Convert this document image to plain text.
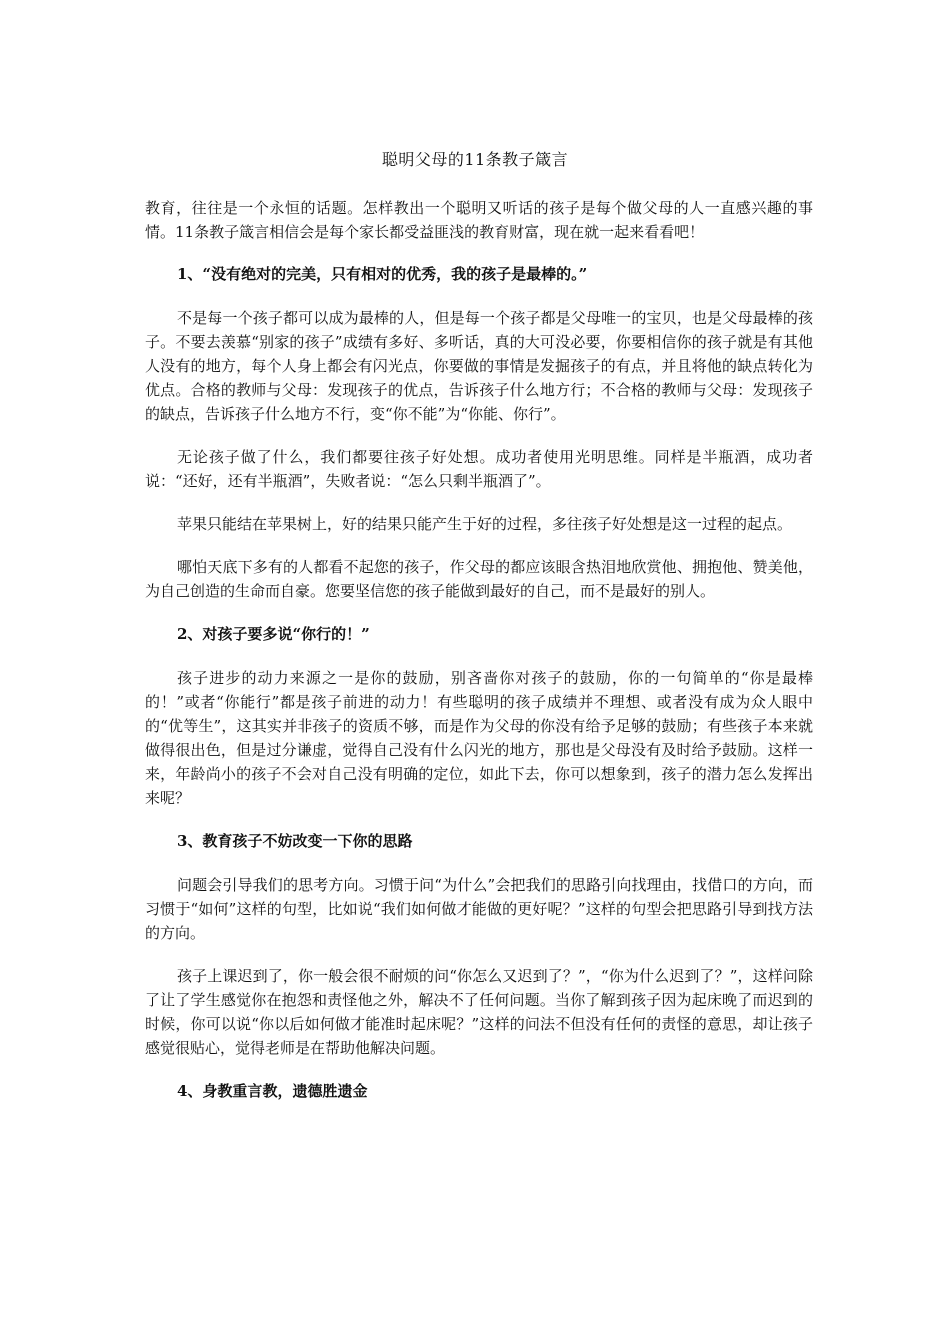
聪明父母的11条教子箴言

教育，往往是一个永恒的话题。怎样教出一个聪明又听话的孩子是每个做父母的人一直感兴趣的事情。11条教子箴言相信会是每个家长都受益匪浅的教育财富，现在就一起来看看吧！

1、“没有绝对的完美，只有相对的优秀，我的孩子是最棒的。”

不是每一个孩子都可以成为最棒的人，但是每一个孩子都是父母唯一的宝贝，也是父母最棒的孩子。不要去羡慕“别家的孩子”成绩有多好、多听话，真的大可没必要，你要相信你的孩子就是有其他人没有的地方，每个人身上都会有闪光点，你要做的事情是发掘孩子的有点，并且将他的缺点转化为优点。合格的教师与父母：发现孩子的优点，告诉孩子什么地方行；不合格的教师与父母：发现孩子的缺点，告诉孩子什么地方不行，变“你不能”为“你能、你行”。

无论孩子做了什么，我们都要往孩子好处想。成功者使用光明思维。同样是半瓶酒，成功者说：“还好，还有半瓶酒”，失败者说：“怎么只剩半瓶酒了”。

苹果只能结在苹果树上，好的结果只能产生于好的过程，多往孩子好处想是这一过程的起点。

哪怕天底下多有的人都看不起您的孩子，作父母的都应该眼含热泪地欣赏他、拥抱他、赞美他，为自己创造的生命而自豪。您要坚信您的孩子能做到最好的自己，而不是最好的别人。

2、对孩子要多说“你行的！”

孩子进步的动力来源之一是你的鼓励，别吝啬你对孩子的鼓励，你的一句简单的“你是最棒的！”或者“你能行”都是孩子前进的动力！有些聪明的孩子成绩并不理想、或者没有成为众人眼中的“优等生”，这其实并非孩子的资质不够，而是作为父母的你没有给予足够的鼓励；有些孩子本来就做得很出色，但是过分谦虚，觉得自己没有什么闪光的地方，那也是父母没有及时给予鼓励。这样一来，年龄尚小的孩子不会对自己没有明确的定位，如此下去，你可以想象到，孩子的潜力怎么发挥出来呢？

3、教育孩子不妨改变一下你的思路

问题会引导我们的思考方向。习惯于问“为什么”会把我们的思路引向找理由，找借口的方向，而习惯于“如何”这样的句型，比如说“我们如何做才能做的更好呢？”这样的句型会把思路引导到找方法的方向。

孩子上课迟到了，你一般会很不耐烦的问“你怎么又迟到了？”，“你为什么迟到了？”，这样问除了让了学生感觉你在抱怨和责怪他之外，解决不了任何问题。当你了解到孩子因为起床晚了而迟到的时候，你可以说“你以后如何做才能准时起床呢？”这样的问法不但没有任何的责怪的意思，却让孩子感觉很贴心，觉得老师是在帮助他解决问题。

4、身教重言教，遗德胜遗金
